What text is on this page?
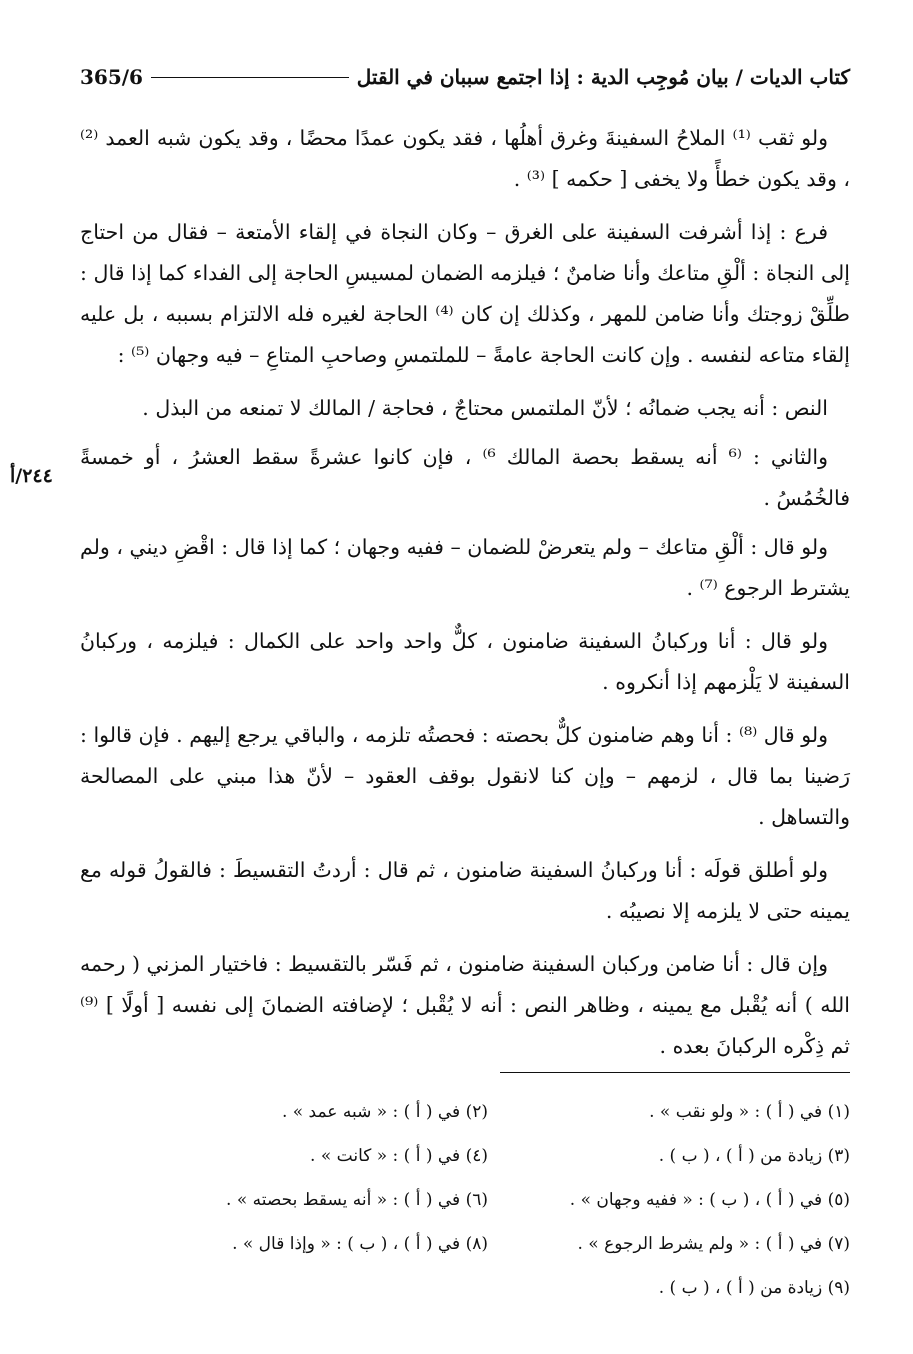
كتاب الديات / بيان مُوجِب الدية : إذا اجتمع سببان في القتل
365/6
٢٤٤/أ

ولو ثقب ⁽¹⁾ الملاحُ السفينةَ وغرق أهلُها ، فقد يكون عمدًا محضًا ، وقد يكون شبه العمد ⁽²⁾ ، وقد يكون خطأً ولا يخفى [ حكمه ] ⁽³⁾ .

فرع : إذا أشرفت السفينة على الغرق – وكان النجاة في إلقاء الأمتعة – فقال من احتاج إلى النجاة : ألْقِ متاعك وأنا ضامنٌ ؛ فيلزمه الضمان لمسيسِ الحاجة إلى الفداء كما إذا قال : طلِّقْ زوجتك وأنا ضامن للمهر ، وكذلك إن كان ⁽⁴⁾ الحاجة لغيره فله الالتزام بسببه ، بل عليه إلقاء متاعه لنفسه . وإن كانت الحاجة عامةً – للملتمسِ وصاحبِ المتاعِ – فيه وجهان ⁽⁵⁾ :

النص : أنه يجب ضمانُه ؛ لأنّ الملتمس محتاجٌ ، فحاجة / المالك لا تمنعه من البذل .

والثاني : ⁽⁶ أنه يسقط بحصة المالك ⁶⁾ ، فإن كانوا عشرةً سقط العشرُ ، أو خمسةً فالخُمُسُ .

ولو قال : ألْقِ متاعك – ولم يتعرضْ للضمان – ففيه وجهان ؛ كما إذا قال : اقْضِ ديني ، ولم يشترط الرجوع ⁽⁷⁾ .

ولو قال : أنا وركبانُ السفينة ضامنون ، كلٌّ واحد واحد على الكمال : فيلزمه ، وركبانُ السفينة لا يَلْزمهم إذا أنكروه .

ولو قال ⁽⁸⁾ : أنا وهم ضامنون كلٌّ بحصته : فحصتُه تلزمه ، والباقي يرجع إليهم . فإن قالوا : رَضينا بما قال ، لزمهم – وإن كنا لانقول بوقف العقود – لأنّ هذا مبني على المصالحة والتساهل .

ولو أطلق قولَه : أنا وركبانُ السفينة ضامنون ، ثم قال : أردتُ التقسيطَ : فالقولُ قوله مع يمينه حتى لا يلزمه إلا نصيبُه .

وإن قال : أنا ضامن وركبان السفينة ضامنون ، ثم فَسّر بالتقسيط : فاختيار المزني ( رحمه الله ) أنه يُقْبل مع يمينه ، وظاهر النص : أنه لا يُقْبل ؛ لإضافته الضمانَ إلى نفسه [ أولًا ] ⁽⁹⁾ ثم ذِكْره الركبانَ بعده .

(١) في ( أ ) : « ولو نقب » .
(٢) في ( أ ) : « شبه عمد » .
(٣) زيادة من ( أ ) ، ( ب ) .
(٤) في ( أ ) : « كانت » .
(٥) في ( أ ) ، ( ب ) : « ففيه وجهان » .
(٦) في ( أ ) : « أنه يسقط بحصته » .
(٧) في ( أ ) : « ولم يشرط الرجوع » .
(٨) في ( أ ) ، ( ب ) : « وإذا قال » .
(٩) زيادة من ( أ ) ، ( ب ) .
